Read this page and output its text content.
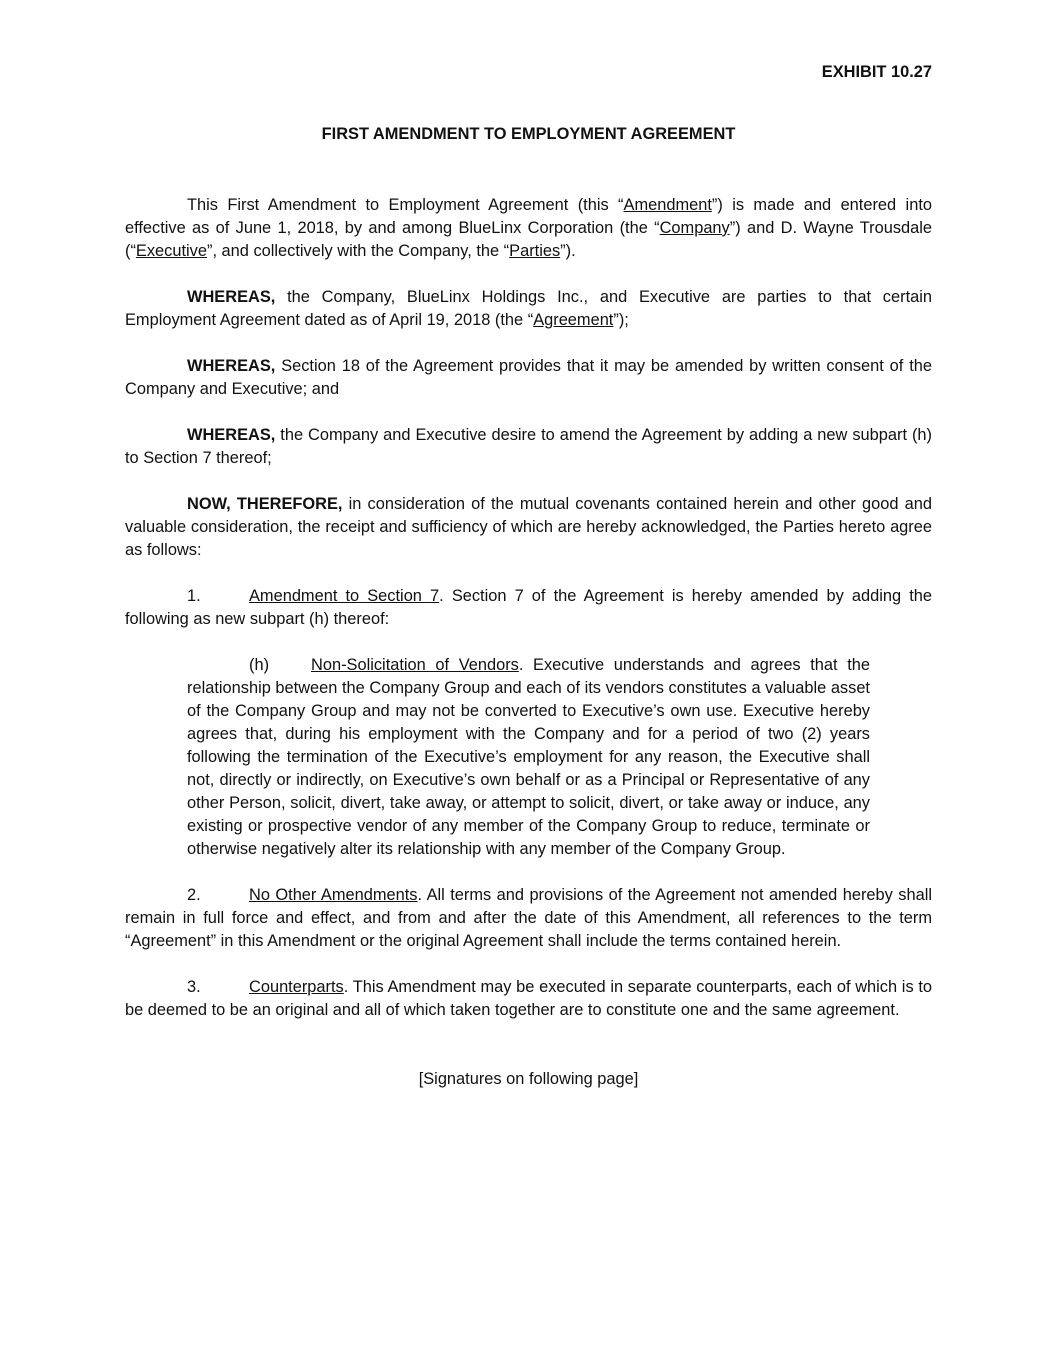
EXHIBIT 10.27
FIRST AMENDMENT TO EMPLOYMENT AGREEMENT

This First Amendment to Employment Agreement (this “Amendment”) is made and entered into effective as of June 1, 2018, by and among BlueLinx Corporation (the “Company”) and D. Wayne Trousdale (“Executive”, and collectively with the Company, the “Parties”).

WHEREAS, the Company, BlueLinx Holdings Inc., and Executive are parties to that certain Employment Agreement dated as of April 19, 2018 (the “Agreement”);

WHEREAS, Section 18 of the Agreement provides that it may be amended by written consent of the Company and Executive; and

WHEREAS, the Company and Executive desire to amend the Agreement by adding a new subpart (h) to Section 7 thereof;

NOW, THEREFORE, in consideration of the mutual covenants contained herein and other good and valuable consideration, the receipt and sufficiency of which are hereby acknowledged, the Parties hereto agree as follows:

1.	Amendment to Section 7. Section 7 of the Agreement is hereby amended by adding the following as new subpart (h) thereof:

(h)	Non-Solicitation of Vendors. Executive understands and agrees that the relationship between the Company Group and each of its vendors constitutes a valuable asset of the Company Group and may not be converted to Executive’s own use. Executive hereby agrees that, during his employment with the Company and for a period of two (2) years following the termination of the Executive’s employment for any reason, the Executive shall not, directly or indirectly, on Executive’s own behalf or as a Principal or Representative of any other Person, solicit, divert, take away, or attempt to solicit, divert, or take away or induce, any existing or prospective vendor of any member of the Company Group to reduce, terminate or otherwise negatively alter its relationship with any member of the Company Group.

2.	No Other Amendments. All terms and provisions of the Agreement not amended hereby shall remain in full force and effect, and from and after the date of this Amendment, all references to the term “Agreement” in this Amendment or the original Agreement shall include the terms contained herein.

3.	Counterparts. This Amendment may be executed in separate counterparts, each of which is to be deemed to be an original and all of which taken together are to constitute one and the same agreement.

[Signatures on following page]
